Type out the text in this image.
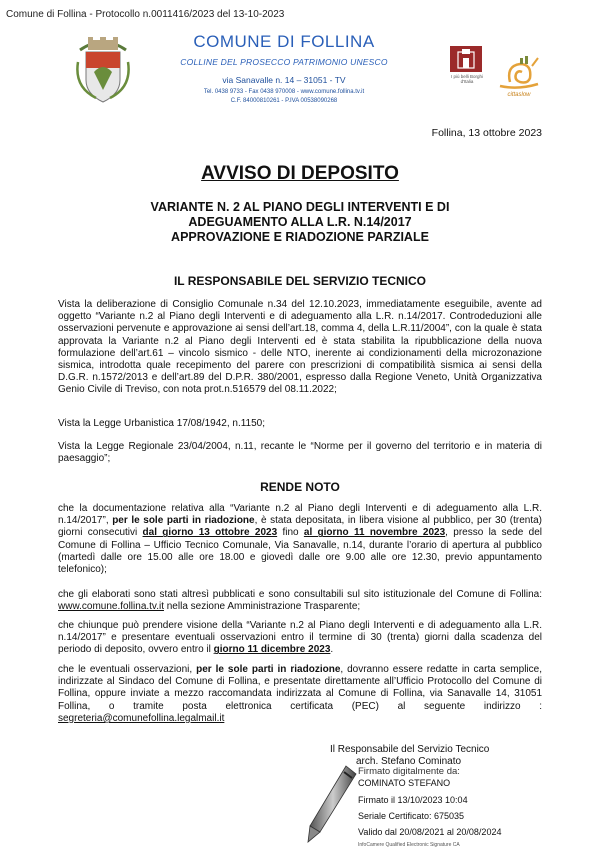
Comune di Follina - Protocollo n.0011416/2023 del 13-10-2023
COMUNE DI FOLLINA
COLLINE DEL PROSECCO PATRIMONIO UNESCO
via Sanavalle n. 14 – 31051 - TV
Tel. 0438 9733 - Fax 0438 970008 - www.comune.follina.tv.it
C.F. 84000810261 - P.IVA 00538090268
I più belli Borghi d'Italia
cittaslow
Follina, 13 ottobre 2023
AVVISO DI DEPOSITO
VARIANTE N. 2 AL PIANO DEGLI INTERVENTI E DI
ADEGUAMENTO ALLA L.R. N.14/2017
APPROVAZIONE E RIADOZIONE PARZIALE
IL RESPONSABILE DEL SERVIZIO TECNICO
Vista la deliberazione di Consiglio Comunale n.34 del 12.10.2023, immediatamente eseguibile, avente ad oggetto “Variante n.2 al Piano degli Interventi e di adeguamento alla L.R. n.14/2017. Controdeduzioni alle osservazioni pervenute e approvazione ai sensi dell’art.18, comma 4, della L.R.11/2004”, con la quale è stata approvata la Variante n.2 al Piano degli Interventi ed è stata stabilita la ripubblicazione della nuova formulazione dell’art.61 – vincolo sismico - delle NTO, inerente ai condizionamenti della microzonazione sismica, introdotta quale recepimento del parere con prescrizioni di compatibilità sismica ai sensi della D.G.R. n.1572/2013 e dell’art.89 del D.P.R. 380/2001, espresso dalla Regione Veneto, Unità Organizzativa Genio Civile di Treviso, con nota prot.n.516579 del 08.11.2022;
Vista la Legge Urbanistica 17/08/1942, n.1150;
Vista la Legge Regionale 23/04/2004, n.11, recante le “Norme per il governo del territorio e in materia di paesaggio”;
RENDE NOTO
che la documentazione relativa alla “Variante n.2 al Piano degli Interventi e di adeguamento alla L.R. n.14/2017”, per le sole parti in riadozione, è stata depositata, in libera visione al pubblico, per 30 (trenta) giorni consecutivi dal giorno 13 ottobre 2023 fino al giorno 11 novembre 2023, presso la sede del Comune di Follina – Ufficio Tecnico Comunale, Via Sanavalle, n.14, durante l’orario di apertura al pubblico (martedì dalle ore 15.00 alle ore 18.00 e giovedì dalle ore 9.00 alle ore 12.30, previo appuntamento telefonico);
che gli elaborati sono stati altresì pubblicati e sono consultabili sul sito istituzionale del Comune di Follina: www.comune.follina.tv.it nella sezione Amministrazione Trasparente;
che chiunque può prendere visione della “Variante n.2 al Piano degli Interventi e di adeguamento alla L.R. n.14/2017” e presentare eventuali osservazioni entro il termine di 30 (trenta) giorni dalla scadenza del periodo di deposito, ovvero entro il giorno 11 dicembre 2023.
che le eventuali osservazioni, per le sole parti in riadozione, dovranno essere redatte in carta semplice, indirizzate al Sindaco del Comune di Follina, e presentate direttamente all’Ufficio Protocollo del Comune di Follina, oppure inviate a mezzo raccomandata indirizzata al Comune di Follina, via Sanavalle 14, 31051 Follina, o tramite posta elettronica certificata (PEC) al seguente indirizzo : segreteria@comunefollina.legalmail.it
Il Responsabile del Servizio Tecnico
arch. Stefano Cominato
Firmato digitalmente da:
COMINATO STEFANO
Firmato il 13/10/2023 10:04
Seriale Certificato: 675035
Valido dal 20/08/2021 al 20/08/2024
InfoCamere Qualified Electronic Signature CA
